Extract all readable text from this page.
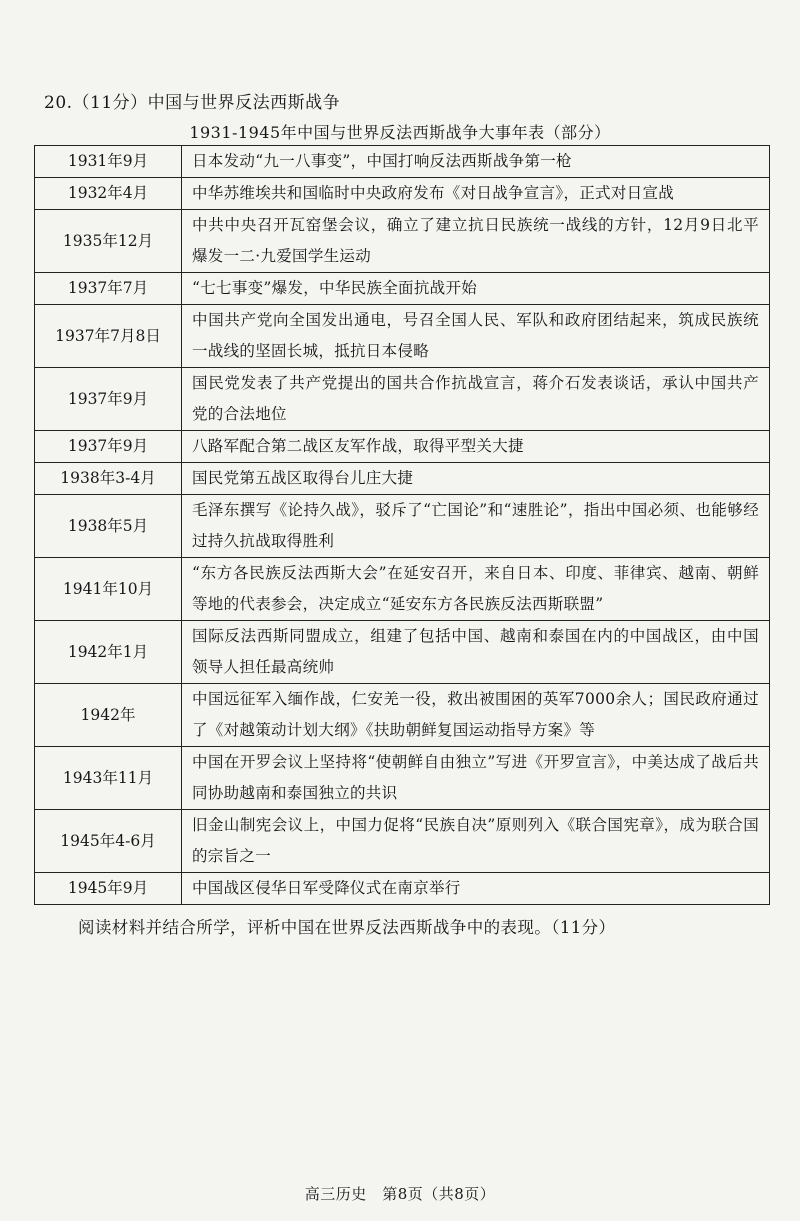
20.（11分）中国与世界反法西斯战争
1931-1945年中国与世界反法西斯战争大事年表（部分）
1931年9月	日本发动“九一八事变”，中国打响反法西斯战争第一枪
1932年4月	中华苏维埃共和国临时中央政府发布《对日战争宣言》，正式对日宣战
1935年12月	中共中央召开瓦窑堡会议，确立了建立抗日民族统一战线的方针，12月9日北平爆发一二·九爱国学生运动
1937年7月	“七七事变”爆发，中华民族全面抗战开始
1937年7月8日	中国共产党向全国发出通电，号召全国人民、军队和政府团结起来，筑成民族统一战线的坚固长城，抵抗日本侵略
1937年9月	国民党发表了共产党提出的国共合作抗战宣言，蒋介石发表谈话，承认中国共产党的合法地位
1937年9月	八路军配合第二战区友军作战，取得平型关大捷
1938年3-4月	国民党第五战区取得台儿庄大捷
1938年5月	毛泽东撰写《论持久战》，驳斥了“亡国论”和“速胜论”，指出中国必须、也能够经过持久抗战取得胜利
1941年10月	“东方各民族反法西斯大会”在延安召开，来自日本、印度、菲律宾、越南、朝鲜等地的代表参会，决定成立“延安东方各民族反法西斯联盟”
1942年1月	国际反法西斯同盟成立，组建了包括中国、越南和泰国在内的中国战区，由中国领导人担任最高统帅
1942年	中国远征军入缅作战，仁安羌一役，救出被围困的英军7000余人；国民政府通过了《对越策动计划大纲》《扶助朝鲜复国运动指导方案》等
1943年11月	中国在开罗会议上坚持将“使朝鲜自由独立”写进《开罗宣言》，中美达成了战后共同协助越南和泰国独立的共识
1945年4-6月	旧金山制宪会议上，中国力促将“民族自决”原则列入《联合国宪章》，成为联合国的宗旨之一
1945年9月	中国战区侵华日军受降仪式在南京举行
阅读材料并结合所学，评析中国在世界反法西斯战争中的表现。（11分）
高三历史　第8页（共8页）
